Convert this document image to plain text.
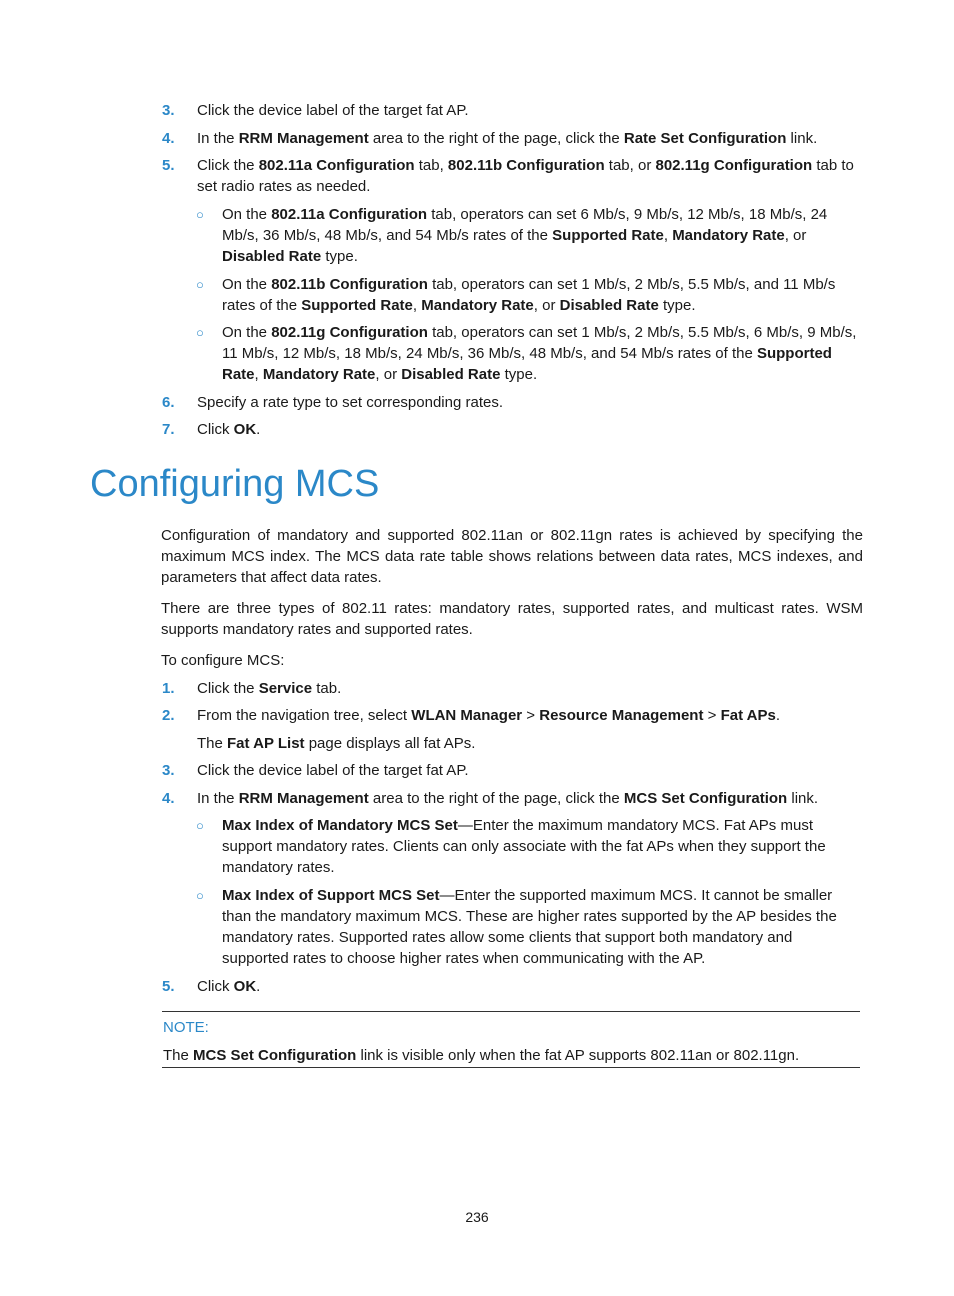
3.	Click the device label of the target fat AP.
4.	In the RRM Management area to the right of the page, click the Rate Set Configuration link.
5.	Click the 802.11a Configuration tab, 802.11b Configuration tab, or 802.11g Configuration tab to set radio rates as needed.
○	On the 802.11a Configuration tab, operators can set 6 Mb/s, 9 Mb/s, 12 Mb/s, 18 Mb/s, 24 Mb/s, 36 Mb/s, 48 Mb/s, and 54 Mb/s rates of the Supported Rate, Mandatory Rate, or Disabled Rate type.
○	On the 802.11b Configuration tab, operators can set 1 Mb/s, 2 Mb/s, 5.5 Mb/s, and 11 Mb/s rates of the Supported Rate, Mandatory Rate, or Disabled Rate type.
○	On the 802.11g Configuration tab, operators can set 1 Mb/s, 2 Mb/s, 5.5 Mb/s, 6 Mb/s, 9 Mb/s, 11 Mb/s, 12 Mb/s, 18 Mb/s, 24 Mb/s, 36 Mb/s, 48 Mb/s, and 54 Mb/s rates of the Supported Rate, Mandatory Rate, or Disabled Rate type.
6.	Specify a rate type to set corresponding rates.
7.	Click OK.
Configuring MCS

Configuration of mandatory and supported 802.11an or 802.11gn rates is achieved by specifying the maximum MCS index. The MCS data rate table shows relations between data rates, MCS indexes, and parameters that affect data rates.

There are three types of 802.11 rates: mandatory rates, supported rates, and multicast rates. WSM supports mandatory rates and supported rates.

To configure MCS:

1.	Click the Service tab.
2.	From the navigation tree, select WLAN Manager > Resource Management > Fat APs.
The Fat AP List page displays all fat APs.
3.	Click the device label of the target fat AP.
4.	In the RRM Management area to the right of the page, click the MCS Set Configuration link.
○	Max Index of Mandatory MCS Set—Enter the maximum mandatory MCS. Fat APs must support mandatory rates. Clients can only associate with the fat APs when they support the mandatory rates.
○	Max Index of Support MCS Set—Enter the supported maximum MCS. It cannot be smaller than the mandatory maximum MCS. These are higher rates supported by the AP besides the mandatory rates. Supported rates allow some clients that support both mandatory and supported rates to choose higher rates when communicating with the AP.
5.	Click OK.
NOTE:
The MCS Set Configuration link is visible only when the fat AP supports 802.11an or 802.11gn.
236
